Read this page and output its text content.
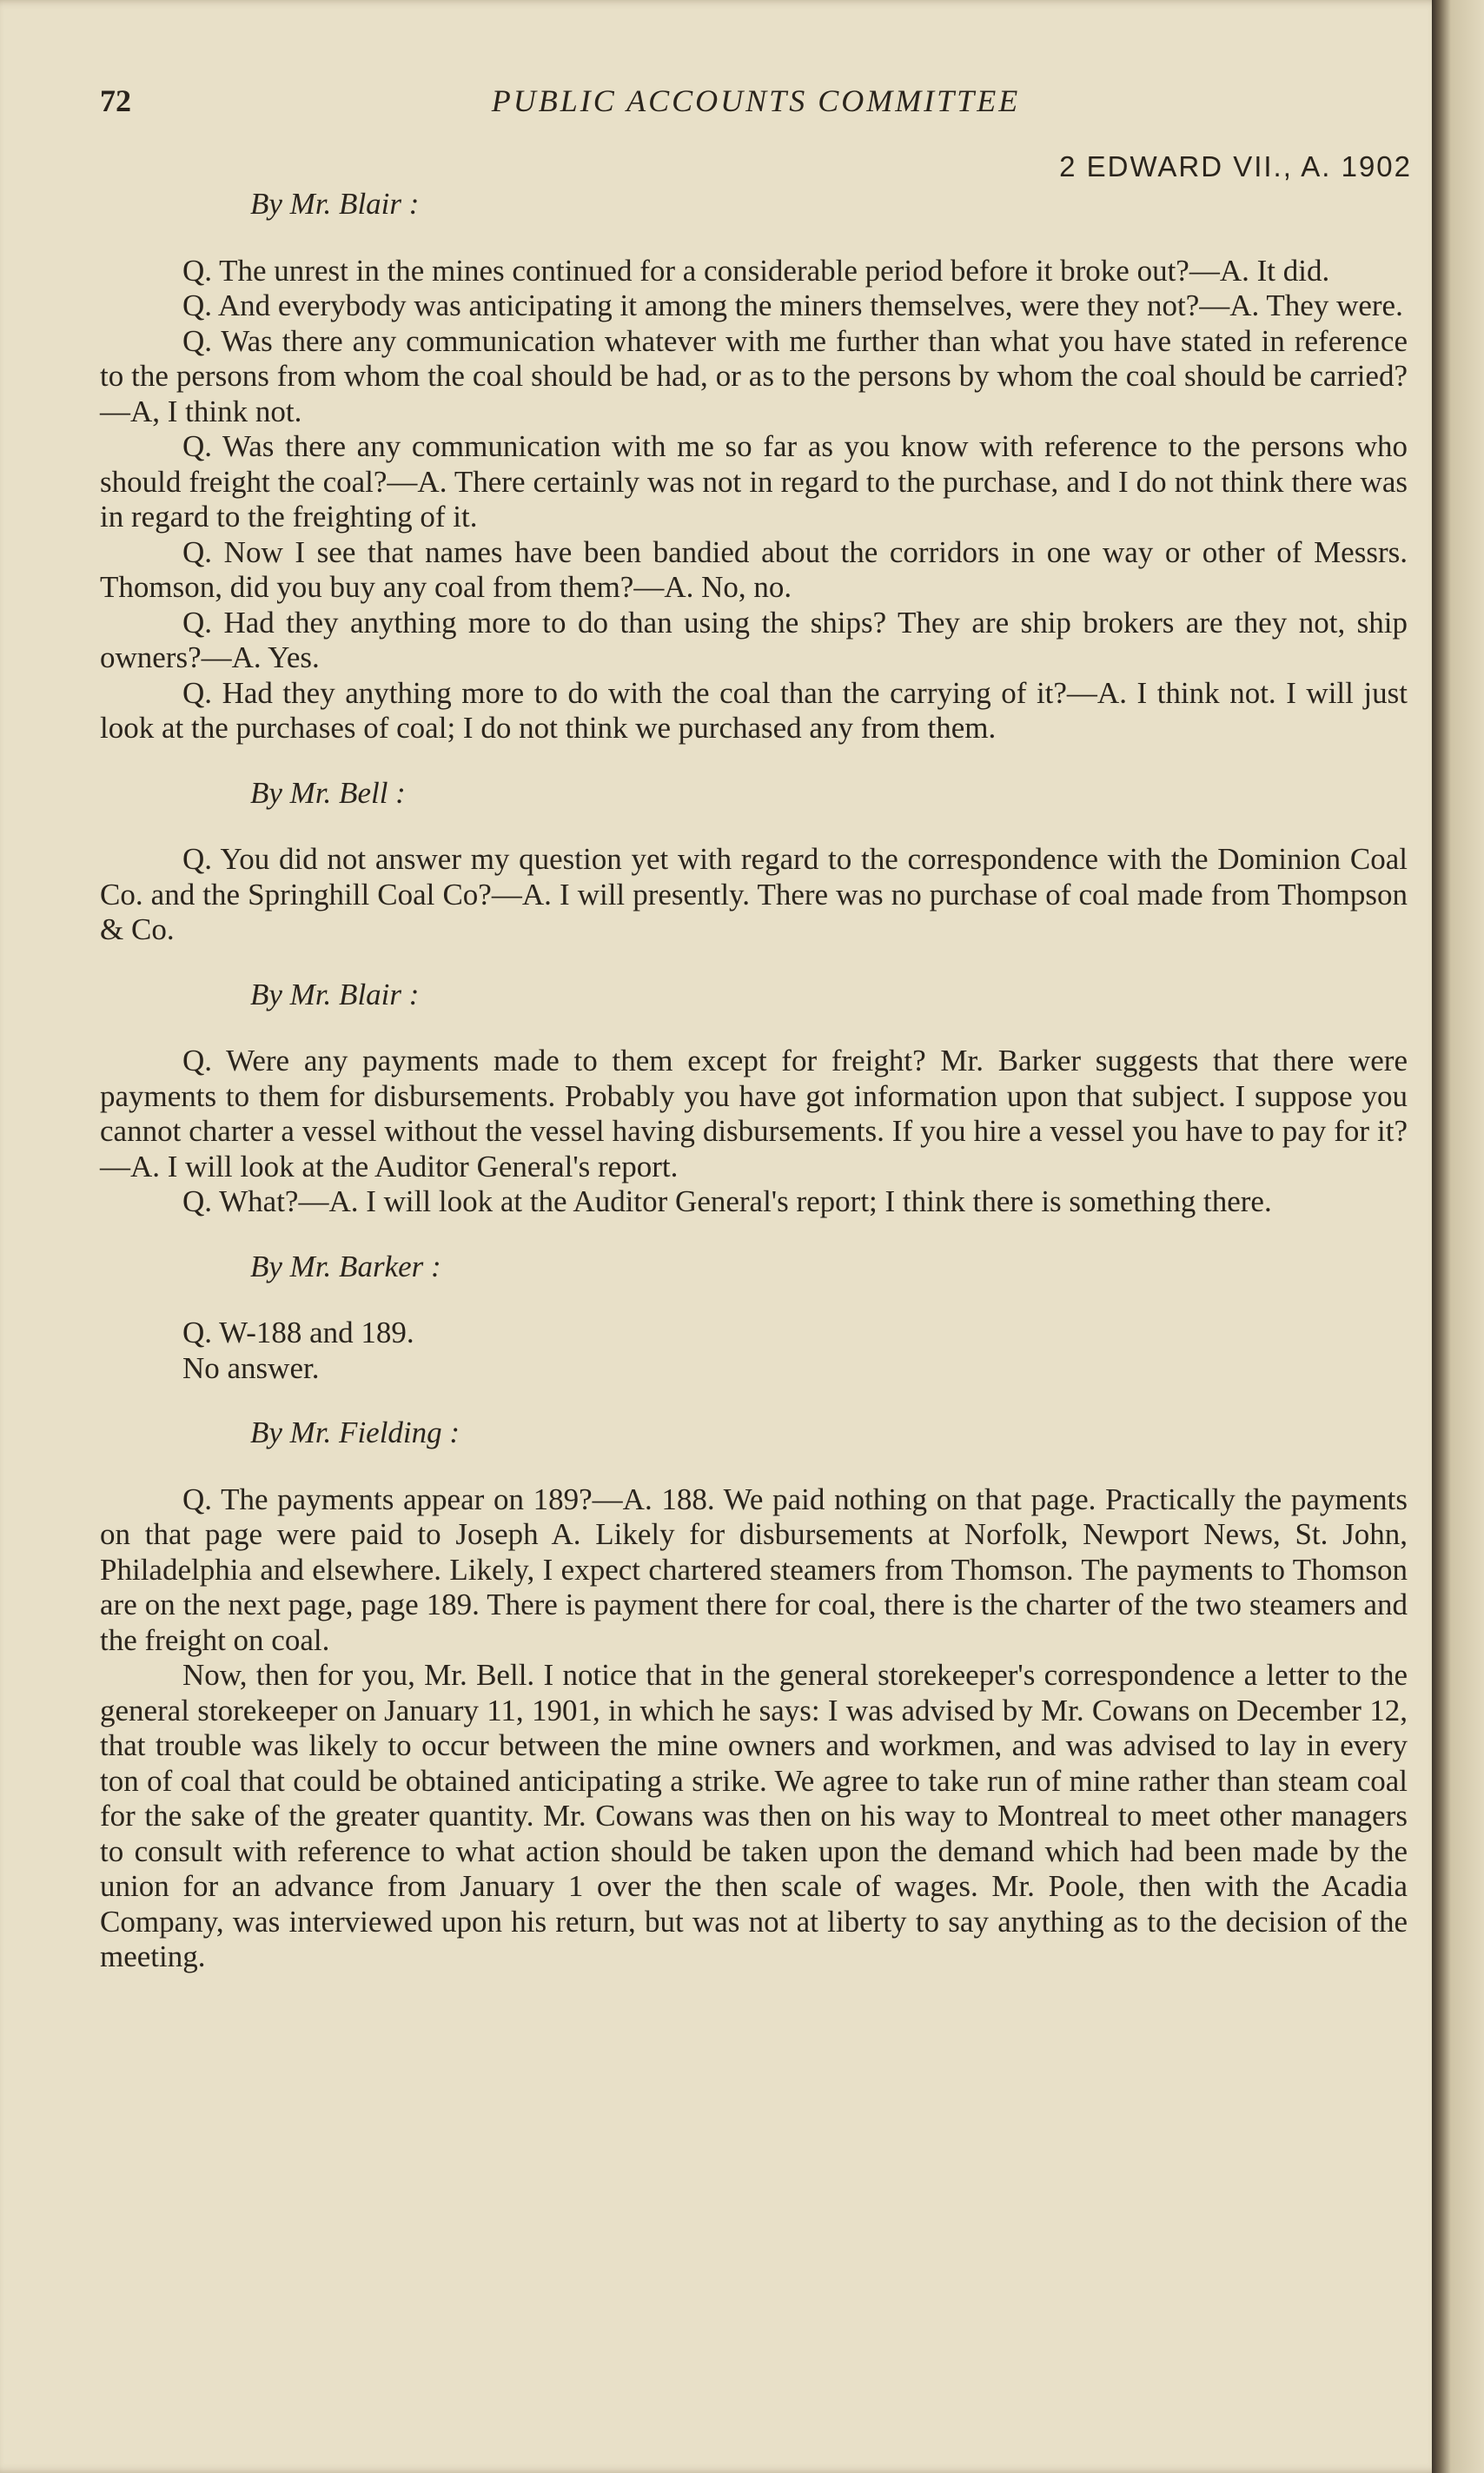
72	PUBLIC ACCOUNTS COMMITTEE
2 EDWARD VII., A. 1902

By Mr. Blair :

Q. The unrest in the mines continued for a considerable period before it broke out?—A. It did.

Q. And everybody was anticipating it among the miners themselves, were they not?—A. They were.

Q. Was there any communication whatever with me further than what you have stated in reference to the persons from whom the coal should be had, or as to the persons by whom the coal should be carried?—A, I think not.

Q. Was there any communication with me so far as you know with reference to the persons who should freight the coal?—A. There certainly was not in regard to the purchase, and I do not think there was in regard to the freighting of it.

Q. Now I see that names have been bandied about the corridors in one way or other of Messrs. Thomson, did you buy any coal from them?—A. No, no.

Q. Had they anything more to do than using the ships? They are ship brokers are they not, ship owners?—A. Yes.

Q. Had they anything more to do with the coal than the carrying of it?—A. I think not. I will just look at the purchases of coal; I do not think we purchased any from them.

By Mr. Bell :

Q. You did not answer my question yet with regard to the correspondence with the Dominion Coal Co. and the Springhill Coal Co?—A. I will presently. There was no purchase of coal made from Thompson & Co.

By Mr. Blair :

Q. Were any payments made to them except for freight? Mr. Barker suggests that there were payments to them for disbursements. Probably you have got information upon that subject. I suppose you cannot charter a vessel without the vessel having disbursements. If you hire a vessel you have to pay for it?—A. I will look at the Auditor General's report.

Q. What?—A. I will look at the Auditor General's report; I think there is something there.

By Mr. Barker :

Q. W-188 and 189.

No answer.

By Mr. Fielding :

Q. The payments appear on 189?—A. 188. We paid nothing on that page. Practically the payments on that page were paid to Joseph A. Likely for disbursements at Norfolk, Newport News, St. John, Philadelphia and elsewhere. Likely, I expect chartered steamers from Thomson. The payments to Thomson are on the next page, page 189. There is payment there for coal, there is the charter of the two steamers and the freight on coal.

Now, then for you, Mr. Bell. I notice that in the general storekeeper's correspondence a letter to the general storekeeper on January 11, 1901, in which he says: I was advised by Mr. Cowans on December 12, that trouble was likely to occur between the mine owners and workmen, and was advised to lay in every ton of coal that could be obtained anticipating a strike. We agree to take run of mine rather than steam coal for the sake of the greater quantity. Mr. Cowans was then on his way to Montreal to meet other managers to consult with reference to what action should be taken upon the demand which had been made by the union for an advance from January 1 over the then scale of wages. Mr. Poole, then with the Acadia Company, was interviewed upon his return, but was not at liberty to say anything as to the decision of the meeting.
